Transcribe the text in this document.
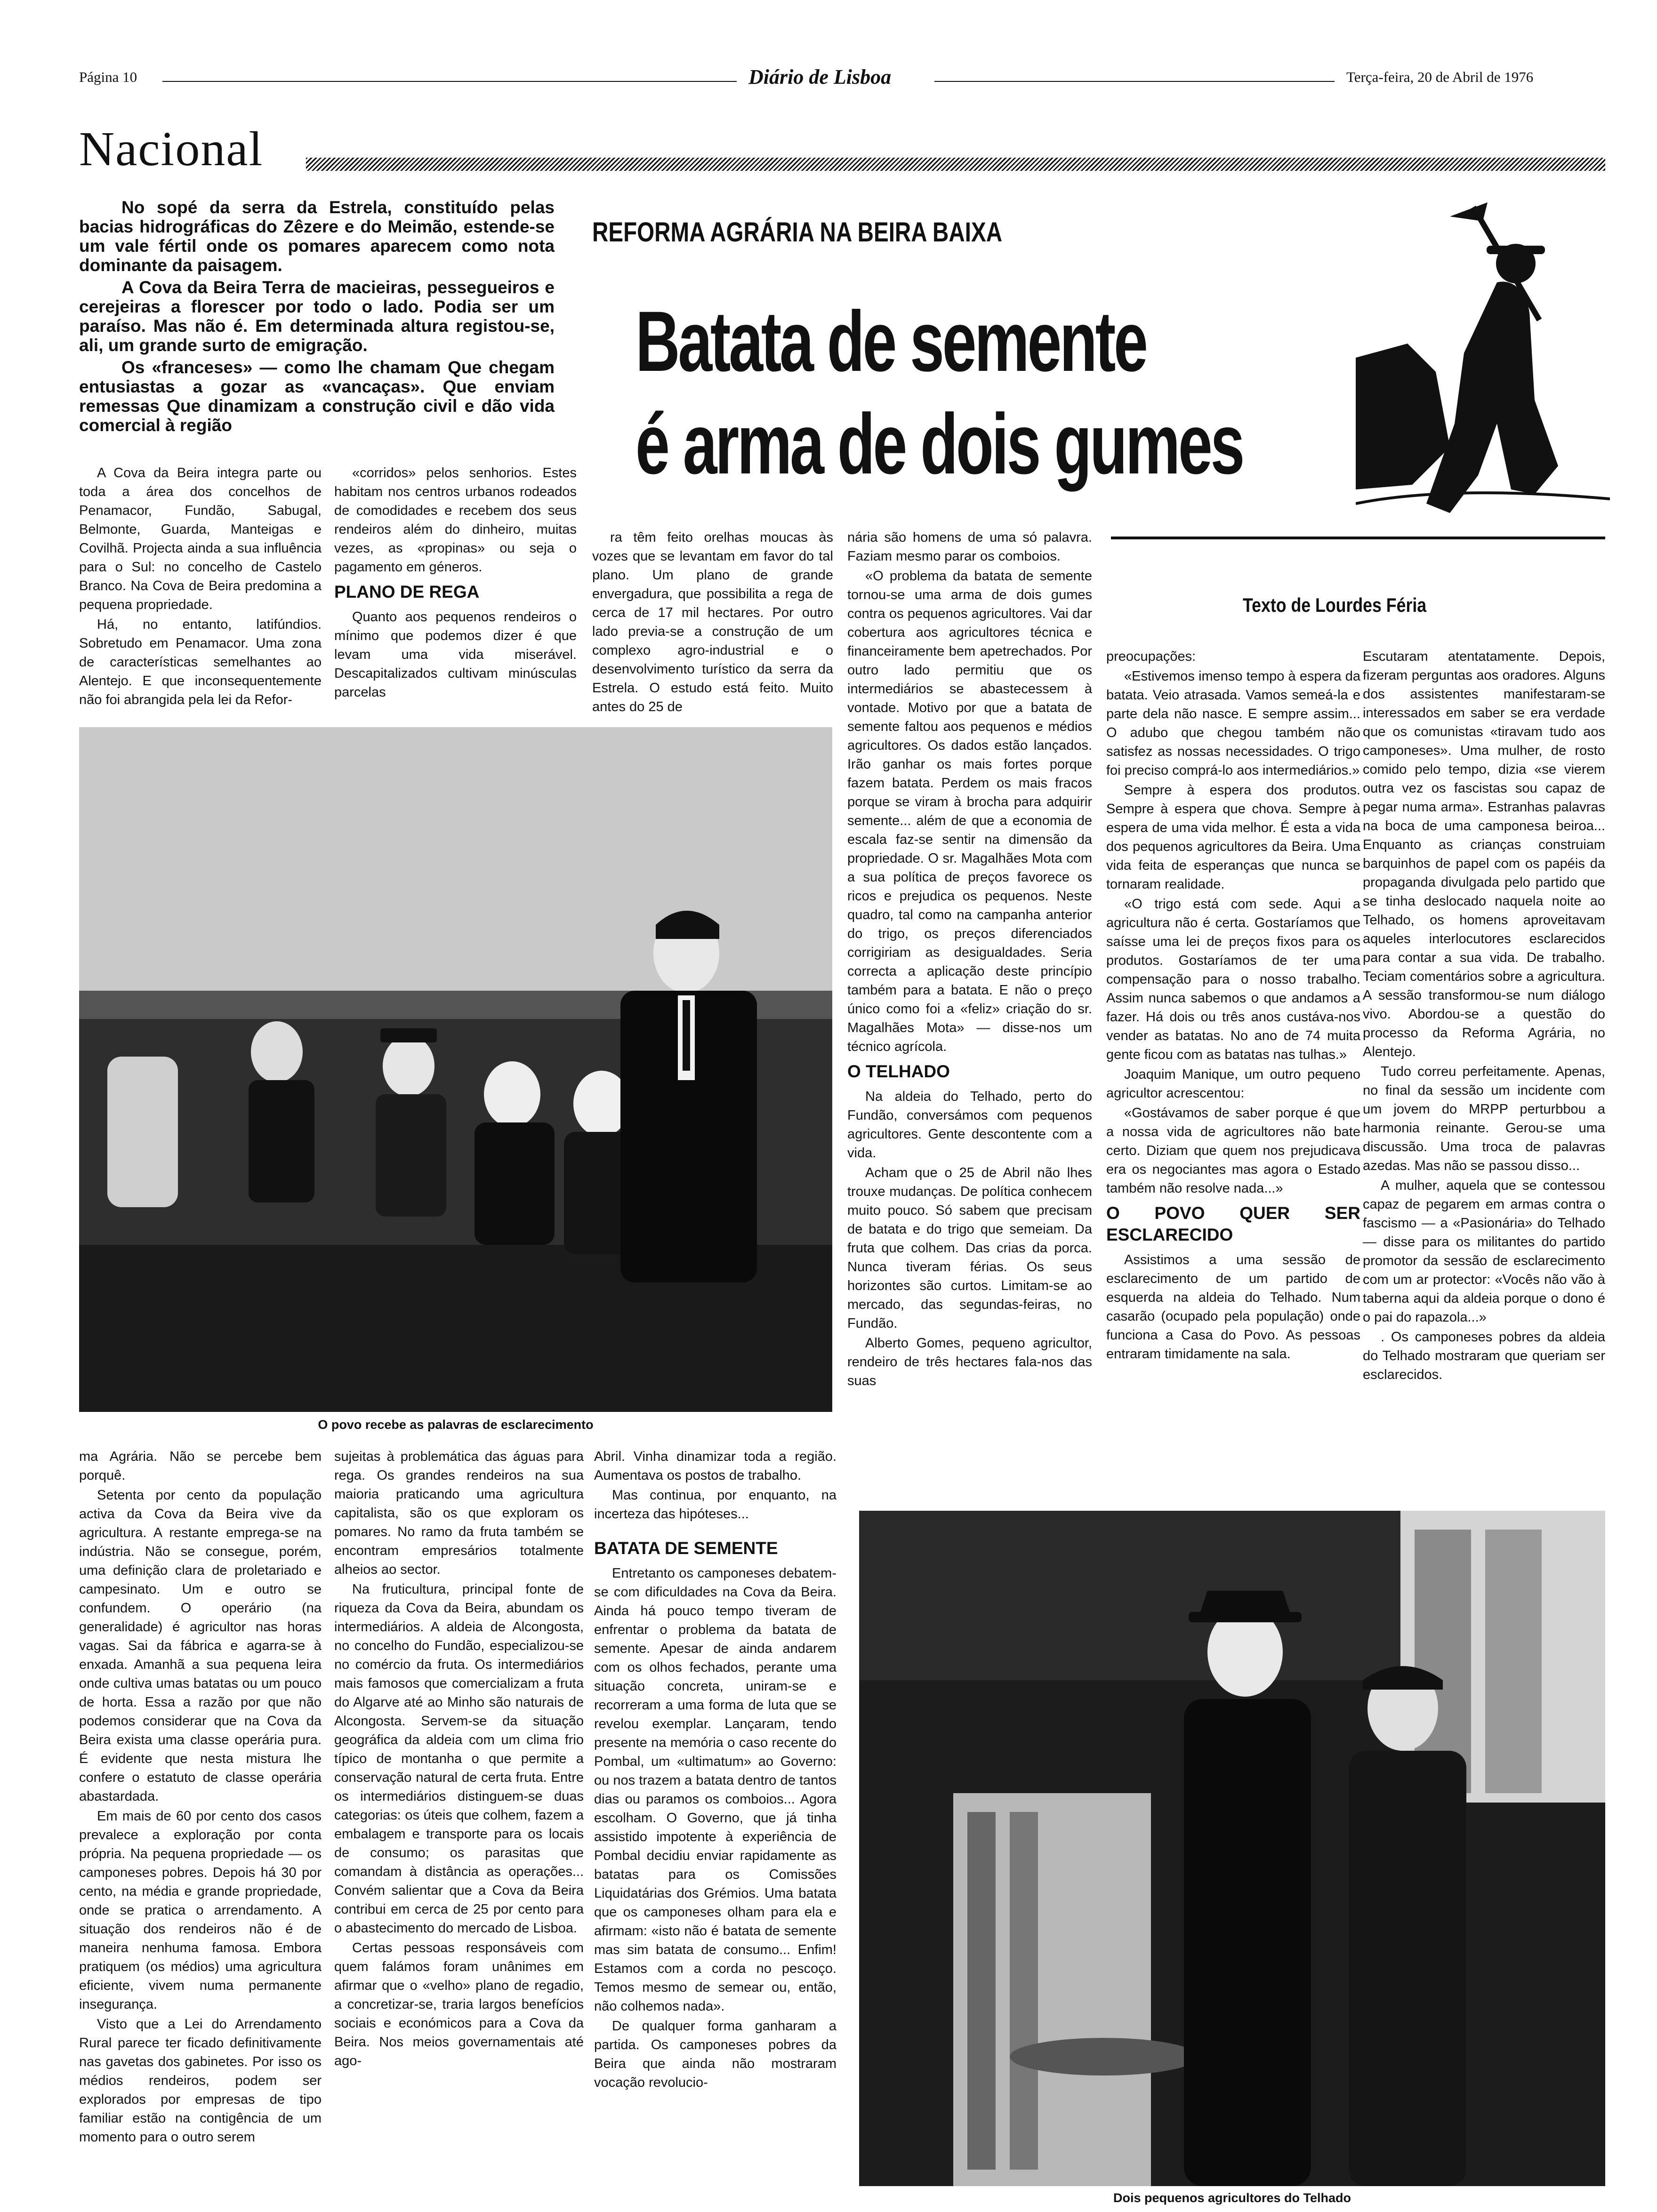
Página 10	Diário de Lisboa	Terça-feira, 20 de Abril de 1976
Nacional

No sopé da serra da Estrela, constituído pelas bacias hidrográficas do Zêzere e do Meimão, estende-se um vale fértil onde os pomares aparecem como nota dominante da paisagem.

A Cova da Beira Terra de macieiras, pessegueiros e cerejeiras a florescer por todo o lado. Podia ser um paraíso. Mas não é. Em determinada altura registou-se, ali, um grande surto de emigração.

Os «franceses» — como lhe chamam Que chegam entusiastas a gozar as «vancaças». Que enviam remessas Que dinamizam a construção civil e dão vida comercial à região

REFORMA AGRÁRIA NA BEIRA BAIXA
Batata de semente
é arma de dois gumes
Texto de Lourdes Féria

A Cova da Beira integra parte ou toda a área dos concelhos de Penamacor, Fundão, Sabugal, Belmonte, Guarda, Manteigas e Covilhã. Projecta ainda a sua influência para o Sul: no concelho de Castelo Branco. Na Cova de Beira predomina a pequena propriedade.

Há, no entanto, latifúndios. Sobretudo em Penamacor. Uma zona de características semelhantes ao Alentejo. E que inconsequentemente não foi abrangida pela lei da Refor-

«corridos» pelos senhorios. Estes habitam nos centros urbanos rodeados de comodidades e recebem dos seus rendeiros além do dinheiro, muitas vezes, as «propinas» ou seja o pagamento em géneros.

PLANO DE REGA

Quanto aos pequenos rendeiros o mínimo que podemos dizer é que levam uma vida miserável. Descapitalizados cultivam minúsculas parcelas

ra têm feito orelhas moucas às vozes que se levantam em favor do tal plano. Um plano de grande envergadura, que possibilita a rega de cerca de 17 mil hectares. Por outro lado previa-se a construção de um complexo agro-industrial e o desenvolvimento turístico da serra da Estrela. O estudo está feito. Muito antes do 25 de

nária são homens de uma só palavra. Faziam mesmo parar os comboios.

«O problema da batata de semente tornou-se uma arma de dois gumes contra os pequenos agricultores. Vai dar cobertura aos agricultores técnica e financeiramente bem apetrechados. Por outro lado permitiu que os intermediários se abastecessem à vontade. Motivo por que a batata de semente faltou aos pequenos e médios agricultores. Os dados estão lançados. Irão ganhar os mais fortes porque fazem batata. Perdem os mais fracos porque se viram à brocha para adquirir semente... além de que a economia de escala faz-se sentir na dimensão da propriedade. O sr. Magalhães Mota com a sua política de preços favorece os ricos e prejudica os pequenos. Neste quadro, tal como na campanha anterior do trigo, os preços diferenciados corrigiriam as desigualdades. Seria correcta a aplicação deste princípio também para a batata. E não o preço único como foi a «feliz» criação do sr. Magalhães Mota» — disse-nos um técnico agrícola.

O TELHADO

Na aldeia do Telhado, perto do Fundão, conversámos com pequenos agricultores. Gente descontente com a vida.

Acham que o 25 de Abril não lhes trouxe mudanças. De política conhecem muito pouco. Só sabem que precisam de batata e do trigo que semeiam. Da fruta que colhem. Das crias da porca. Nunca tiveram férias. Os seus horizontes são curtos. Limitam-se ao mercado, das segundas-feiras, no Fundão.

Alberto Gomes, pequeno agricultor, rendeiro de três hectares fala-nos das suas

preocupações:

«Estivemos imenso tempo à espera da batata. Veio atrasada. Vamos semeá-la e parte dela não nasce. E sempre assim... O adubo que chegou também não satisfez as nossas necessidades. O trigo foi preciso comprá-lo aos intermediários.»

Sempre à espera dos produtos. Sempre à espera que chova. Sempre à espera de uma vida melhor. É esta a vida dos pequenos agricultores da Beira. Uma vida feita de esperanças que nunca se tornaram realidade.

«O trigo está com sede. Aqui a agricultura não é certa. Gostaríamos que saísse uma lei de preços fixos para os produtos. Gostaríamos de ter uma compensação para o nosso trabalho. Assim nunca sabemos o que andamos a fazer. Há dois ou três anos custáva-nos vender as batatas. No ano de 74 muita gente ficou com as batatas nas tulhas.»

Joaquim Manique, um outro pequeno agricultor acrescentou:

«Gostávamos de saber porque é que a nossa vida de agricultores não bate certo. Diziam que quem nos prejudicava era os negociantes mas agora o Estado também não resolve nada...»

O POVO QUER SER ESCLARECIDO

Assistimos a uma sessão de esclarecimento de um partido de esquerda na aldeia do Telhado. Num casarão (ocupado pela população) onde funciona a Casa do Povo. As pessoas entraram timidamente na sala.

Escutaram atentatamente. Depois, fizeram perguntas aos oradores. Alguns dos assistentes manifestaram-se interessados em saber se era verdade que os comunistas «tiravam tudo aos camponeses». Uma mulher, de rosto comido pelo tempo, dizia «se vierem outra vez os fascistas sou capaz de pegar numa arma». Estranhas palavras na boca de uma camponesa beiroa... Enquanto as crianças construiam barquinhos de papel com os papéis da propaganda divulgada pelo partido que se tinha deslocado naquela noite ao Telhado, os homens aproveitavam aqueles interlocutores esclarecidos para contar a sua vida. De trabalho. Teciam comentários sobre a agricultura. A sessão transformou-se num diálogo vivo. Abordou-se a questão do processo da Reforma Agrária, no Alentejo.

Tudo correu perfeitamente. Apenas, no final da sessão um incidente com um jovem do MRPP perturbbou a harmonia reinante. Gerou-se uma discussão. Uma troca de palavras azedas. Mas não se passou disso...

A mulher, aquela que se contessou capaz de pegarem em armas contra o fascismo — a «Pasionária» do Telhado — disse para os militantes do partido promotor da sessão de esclarecimento com um ar protector: «Vocês não vão à taberna aqui da aldeia porque o dono é o pai do rapazola...»

. Os camponeses pobres da aldeia do Telhado mostraram que queriam ser esclarecidos.

O povo recebe as palavras de esclarecimento

ma Agrária. Não se percebe bem porquê.

Setenta por cento da população activa da Cova da Beira vive da agricultura. A restante emprega-se na indústria. Não se consegue, porém, uma definição clara de proletariado e campesinato. Um e outro se confundem. O operário (na generalidade) é agricultor nas horas vagas. Sai da fábrica e agarra-se à enxada. Amanhã a sua pequena leira onde cultiva umas batatas ou um pouco de horta. Essa a razão por que não podemos considerar que na Cova da Beira exista uma classe operária pura. É evidente que nesta mistura lhe confere o estatuto de classe operária abastardada.

Em mais de 60 por cento dos casos prevalece a exploração por conta própria. Na pequena propriedade — os camponeses pobres. Depois há 30 por cento, na média e grande propriedade, onde se pratica o arrendamento. A situação dos rendeiros não é de maneira nenhuma famosa. Embora pratiquem (os médios) uma agricultura eficiente, vivem numa permanente insegurança.

Visto que a Lei do Arrendamento Rural parece ter ficado definitivamente nas gavetas dos gabinetes. Por isso os médios rendeiros, podem ser explorados por empresas de tipo familiar estão na contigência de um momento para o outro serem

sujeitas à problemática das águas para rega. Os grandes rendeiros na sua maioria praticando uma agricultura capitalista, são os que exploram os pomares. No ramo da fruta também se encontram empresários totalmente alheios ao sector.

Na fruticultura, principal fonte de riqueza da Cova da Beira, abundam os intermediários. A aldeia de Alcongosta, no concelho do Fundão, especializou-se no comércio da fruta. Os intermediários mais famosos que comercializam a fruta do Algarve até ao Minho são naturais de Alcongosta. Servem-se da situação geográfica da aldeia com um clima frio típico de montanha o que permite a conservação natural de certa fruta. Entre os intermediários distinguem-se duas categorias: os úteis que colhem, fazem a embalagem e transporte para os locais de consumo; os parasitas que comandam à distância as operações... Convém salientar que a Cova da Beira contribui em cerca de 25 por cento para o abastecimento do mercado de Lisboa.

Certas pessoas responsáveis com quem falámos foram unânimes em afirmar que o «velho» plano de regadio, a concretizar-se, traria largos benefícios sociais e económicos para a Cova da Beira. Nos meios governamentais até ago-

Abril. Vinha dinamizar toda a região. Aumentava os postos de trabalho.

Mas continua, por enquanto, na incerteza das hipóteses...

BATATA DE SEMENTE

Entretanto os camponeses debatem-se com dificuldades na Cova da Beira. Ainda há pouco tempo tiveram de enfrentar o problema da batata de semente. Apesar de ainda andarem com os olhos fechados, perante uma situação concreta, uniram-se e recorreram a uma forma de luta que se revelou exemplar. Lançaram, tendo presente na memória o caso recente do Pombal, um «ultimatum» ao Governo: ou nos trazem a batata dentro de tantos dias ou paramos os comboios... Agora escolham. O Governo, que já tinha assistido impotente à experiência de Pombal decidiu enviar rapidamente as batatas para os Comissões Liquidatárias dos Grémios. Uma batata que os camponeses olham para ela e afirmam: «isto não é batata de semente mas sim batata de consumo... Enfim! Estamos com a corda no pescoço. Temos mesmo de semear ou, então, não colhemos nada».

De qualquer forma ganharam a partida. Os camponeses pobres da Beira que ainda não mostraram vocação revolucio-

Dois pequenos agricultores do Telhado
